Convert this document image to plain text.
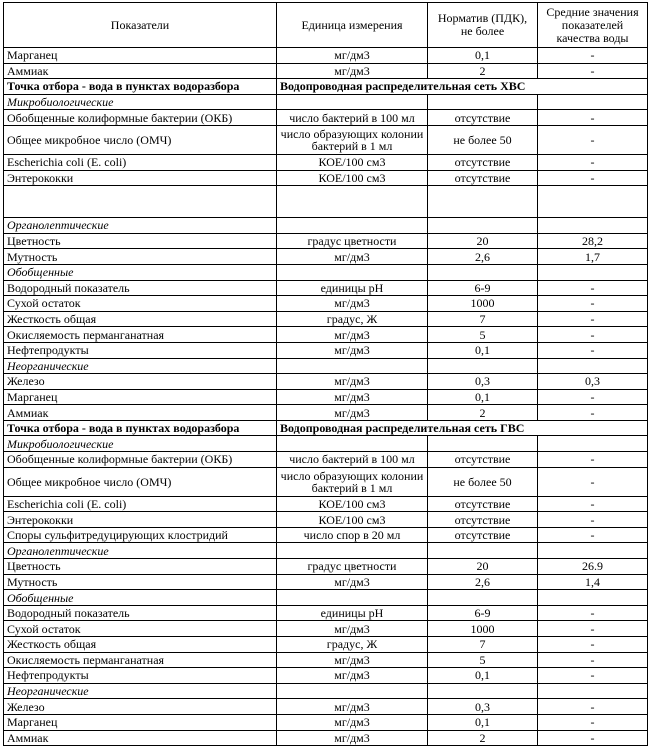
Показатели	Единица измерения	Норматив (ПДК), не более	Средние значения показателей качества воды
Марганец	мг/дм3	0,1	-
Аммиак	мг/дм3	2	-
Точка отбора - вода в пунктах водоразбора	Водопроводная распределительная сеть ХВС		
Микробиологические			
Обобщенные колиформные бактерии (ОКБ)	число бактерий в 100 мл	отсутствие	-
Общее микробное число (ОМЧ)	число образующих колонии бактерий в 1 мл	не более 50	-
Escherichia coli (E. coli)	КОЕ/100 см3	отсутствие	-
Энтерококки	КОЕ/100 см3	отсутствие	-

Органолептические			
Цветность	градус цветности	20	28,2
Мутность	мг/дм3	2,6	1,7
Обобщенные			
Водородный показатель	единицы рН	6-9	-
Сухой остаток	мг/дм3	1000	-
Жесткость общая	градус, Ж	7	-
Окисляемость перманганатная	мг/дм3	5	-
Нефтепродукты	мг/дм3	0,1	-
Неорганические			
Железо	мг/дм3	0,3	0,3
Марганец	мг/дм3	0,1	-
Аммиак	мг/дм3	2	-
Точка отбора - вода в пунктах водоразбора	Водопроводная распределительная сеть ГВС		
Микробиологические			
Обобщенные колиформные бактерии (ОКБ)	число бактерий в 100 мл	отсутствие	-
Общее микробное число (ОМЧ)	число образующих колонии бактерий в 1 мл	не более 50	-
Escherichia coli (E. coli)	КОЕ/100 см3	отсутствие	-
Энтерококки	КОЕ/100 см3	отсутствие	-
Споры сульфитредуцирующих клостридий	число спор в 20 мл	отсутствие	-
Органолептические			
Цветность	градус цветности	20	26.9
Мутность	мг/дм3	2,6	1,4
Обобщенные			
Водородный показатель	единицы рН	6-9	-
Сухой остаток	мг/дм3	1000	-
Жесткость общая	градус, Ж	7	-
Окисляемость перманганатная	мг/дм3	5	-
Нефтепродукты	мг/дм3	0,1	-
Неорганические			
Железо	мг/дм3	0,3	-
Марганец	мг/дм3	0,1	-
Аммиак	мг/дм3	2	-
